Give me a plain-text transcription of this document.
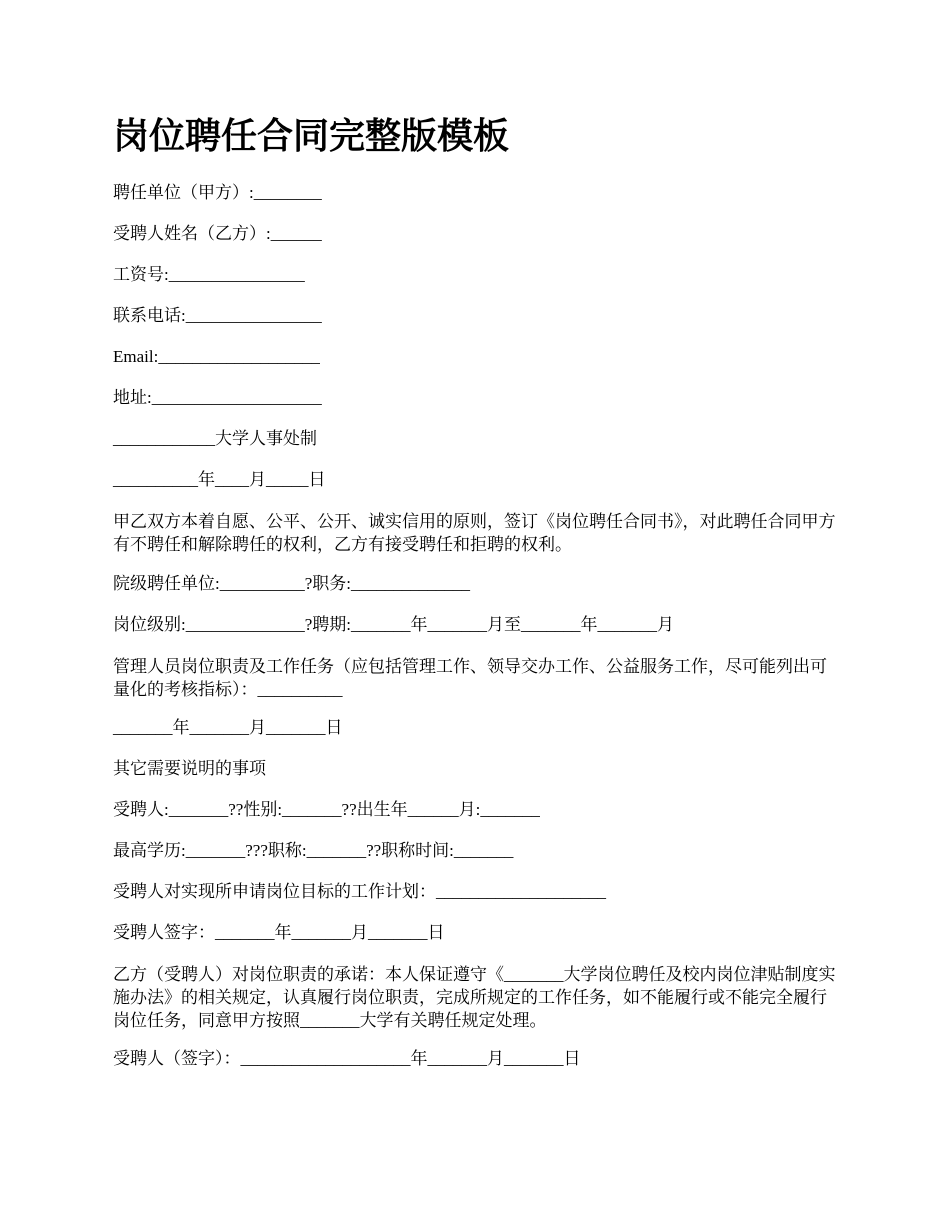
岗位聘任合同完整版模板

聘任单位（甲方）:________

受聘人姓名（乙方）:______

工资号:________________

联系电话:________________

Email:___________________

地址:____________________

____________大学人事处制

__________年____月_____日

甲乙双方本着自愿、公平、公开、诚实信用的原则，签订《岗位聘任合同书》，对此聘任合同甲方有不聘任和解除聘任的权利，乙方有接受聘任和拒聘的权利。

院级聘任单位:__________?职务:______________

岗位级别:______________?聘期:_______年_______月至_______年_______月

管理人员岗位职责及工作任务（应包括管理工作、领导交办工作、公益服务工作，尽可能列出可量化的考核指标）：__________

_______年_______月_______日

其它需要说明的事项

受聘人:_______??性别:_______??出生年______月:_______

最高学历:_______???职称:_______??职称时间:_______

受聘人对实现所申请岗位目标的工作计划：____________________

受聘人签字：_______年_______月_______日

乙方（受聘人）对岗位职责的承诺：本人保证遵守《_______大学岗位聘任及校内岗位津贴制度实施办法》的相关规定，认真履行岗位职责，完成所规定的工作任务，如不能履行或不能完全履行岗位任务，同意甲方按照_______大学有关聘任规定处理。

受聘人（签字）：____________________年_______月_______日
